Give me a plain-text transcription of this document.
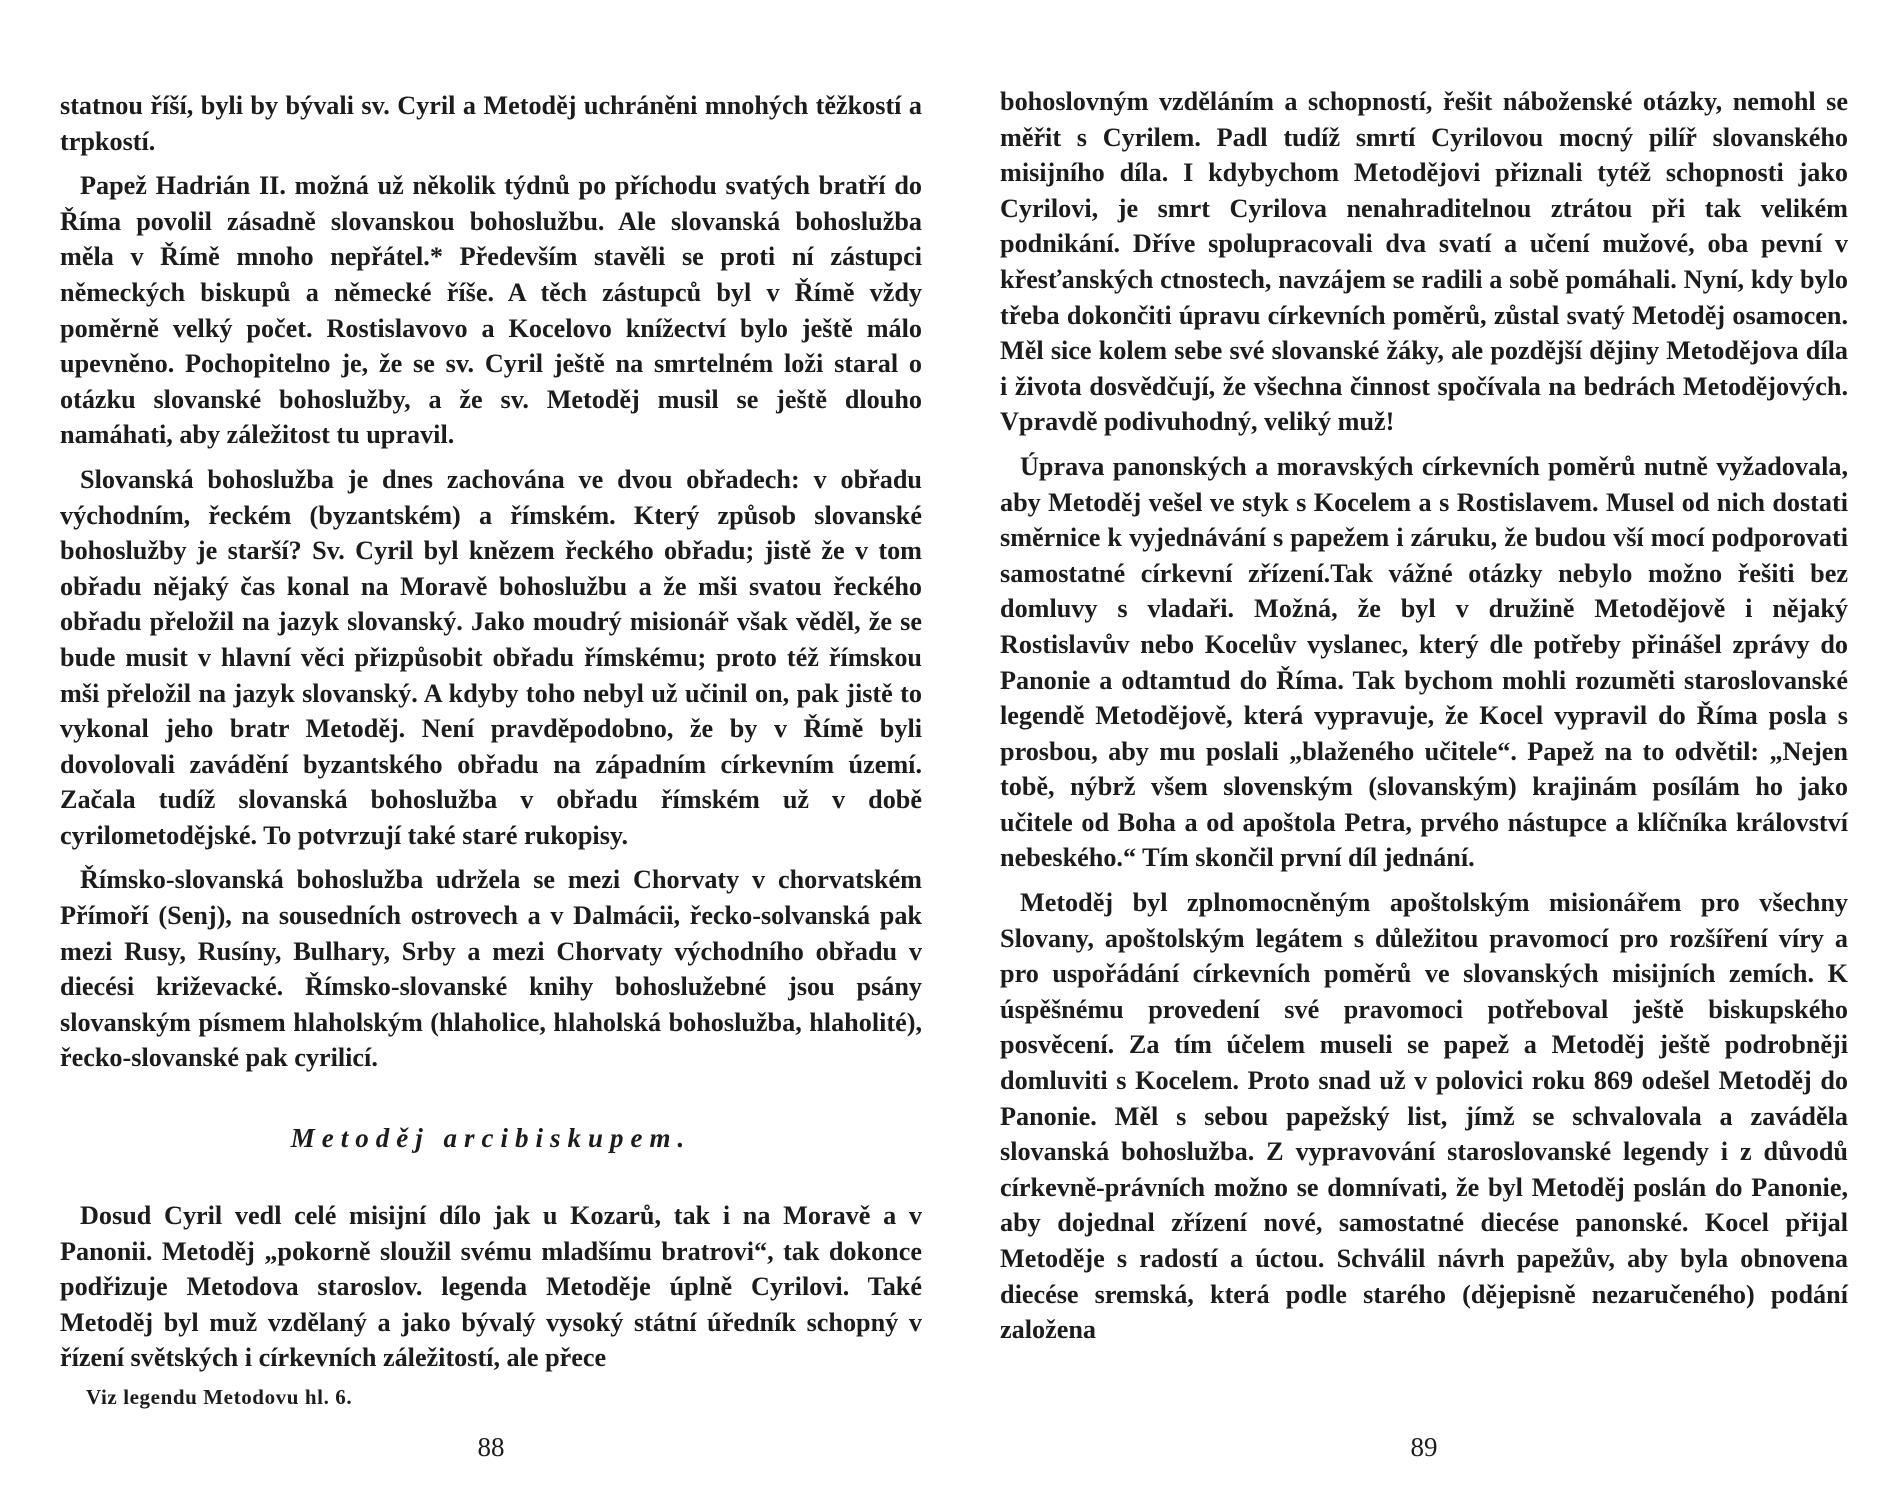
statnou říší, byli by bývali sv. Cyril a Metoděj uchráněni mnohých těžkostí a trpkostí.

Papež Hadrián II. možná už několik týdnů po příchodu svatých bratří do Říma povolil zásadně slovanskou bohoslužbu. Ale slovanská bohoslužba měla v Římě mnoho nepřátel.* Především stavěli se proti ní zástupci německých biskupů a německé říše. A těch zástupců byl v Římě vždy poměrně velký počet. Rostislavovo a Kocelovo knížectví bylo ještě málo upevněno. Pochopitelno je, že se sv. Cyril ještě na smrtelném loži staral o otázku slovanské bohoslužby, a že sv. Metoděj musil se ještě dlouho namáhati, aby záležitost tu upravil.

Slovanská bohoslužba je dnes zachována ve dvou obřadech: v obřadu východním, řeckém (byzantském) a římském. Který způsob slovanské bohoslužby je starší? Sv. Cyril byl knězem řeckého obřadu; jistě že v tom obřadu nějaký čas konal na Moravě bohoslužbu a že mši svatou řeckého obřadu přeložil na jazyk slovanský. Jako moudrý misionář však věděl, že se bude musit v hlavní věci přizpůsobit obřadu římskému; proto též římskou mši přeložil na jazyk slovanský. A kdyby toho nebyl už učinil on, pak jistě to vykonal jeho bratr Metoděj. Není pravděpodobno, že by v Římě byli dovolovali zavádění byzantského obřadu na západním církevním území. Začala tudíž slovanská bohoslužba v obřadu římském už v době cyrilometodějské. To potvrzují také staré rukopisy.

Římsko-slovanská bohoslužba udržela se mezi Chorvaty v chorvatském Přímoří (Senj), na sousedních ostrovech a v Dalmácii, řecko-solvanská pak mezi Rusy, Rusíny, Bulhary, Srby a mezi Chorvaty východního obřadu v diecési križevacké. Římsko-slovanské knihy bohoslužebné jsou psány slovanským písmem hlaholským (hlaholice, hlaholská bohoslužba, hlaholité), řecko-slovanské pak cyrilicí.

Metoděj arcibiskupem.

Dosud Cyril vedl celé misijní dílo jak u Kozarů, tak i na Moravě a v Panonii. Metoděj „pokorně sloužil svému mladšímu bratrovi“, tak dokonce podřizuje Metodova staroslov. legenda Metoděje úplně Cyrilovi. Také Metoděj byl muž vzdělaný a jako bývalý vysoký státní úředník schopný v řízení světských i církevních záležitostí, ale přece

Viz legendu Metodovu hl. 6.
88

bohoslovným vzděláním a schopností, řešit náboženské otázky, nemohl se měřit s Cyrilem. Padl tudíž smrtí Cyrilovou mocný pilíř slovanského misijního díla. I kdybychom Metodějovi přiznali tytéž schopnosti jako Cyrilovi, je smrt Cyrilova nenahraditelnou ztrátou při tak velikém podnikání. Dříve spolupracovali dva svatí a učení mužové, oba pevní v křesťanských ctnostech, navzájem se radili a sobě pomáhali. Nyní, kdy bylo třeba dokončiti úpravu církevních poměrů, zůstal svatý Metoděj osamocen. Měl sice kolem sebe své slovanské žáky, ale pozdější dějiny Metodějova díla i života dosvědčují, že všechna činnost spočívala na bedrách Metodějových. Vpravdě podivuhodný, veliký muž!

Úprava panonských a moravských církevních poměrů nutně vyžadovala, aby Metoděj vešel ve styk s Kocelem a s Rostislavem. Musel od nich dostati směrnice k vyjednávání s papežem i záruku, že budou vší mocí podporovati samostatné církevní zřízení.Tak vážné otázky nebylo možno řešiti bez domluvy s vladaři. Možná, že byl v družině Metodějově i nějaký Rostislavův nebo Kocelův vyslanec, který dle potřeby přinášel zprávy do Panonie a odtamtud do Říma. Tak bychom mohli rozuměti staroslovanské legendě Metodějově, která vypravuje, že Kocel vypravil do Říma posla s prosbou, aby mu poslali „blaženého učitele“. Papež na to odvětil: „Nejen tobě, nýbrž všem slovenským (slovanským) krajinám posílám ho jako učitele od Boha a od apoštola Petra, prvého nástupce a klíčníka království nebeského.“ Tím skončil první díl jednání.

Metoděj byl zplnomocněným apoštolským misionářem pro všechny Slovany, apoštolským legátem s důležitou pravomocí pro rozšíření víry a pro uspořádání církevních poměrů ve slovanských misijních zemích. K úspěšnému provedení své pravomoci potřeboval ještě biskupského posvěcení. Za tím účelem museli se papež a Metoděj ještě podrobněji domluviti s Kocelem. Proto snad už v polovici roku 869 odešel Metoděj do Panonie. Měl s sebou papežský list, jímž se schvalovala a zaváděla slovanská bohoslužba. Z vypravování staroslovanské legendy i z důvodů církevně-právních možno se domnívati, že byl Metoděj poslán do Panonie, aby dojednal zřízení nové, samostatné diecése panonské. Kocel přijal Metoděje s radostí a úctou. Schválil návrh papežův, aby byla obnovena diecése sremská, která podle starého (dějepisně nezaručeného) podání založena

89
